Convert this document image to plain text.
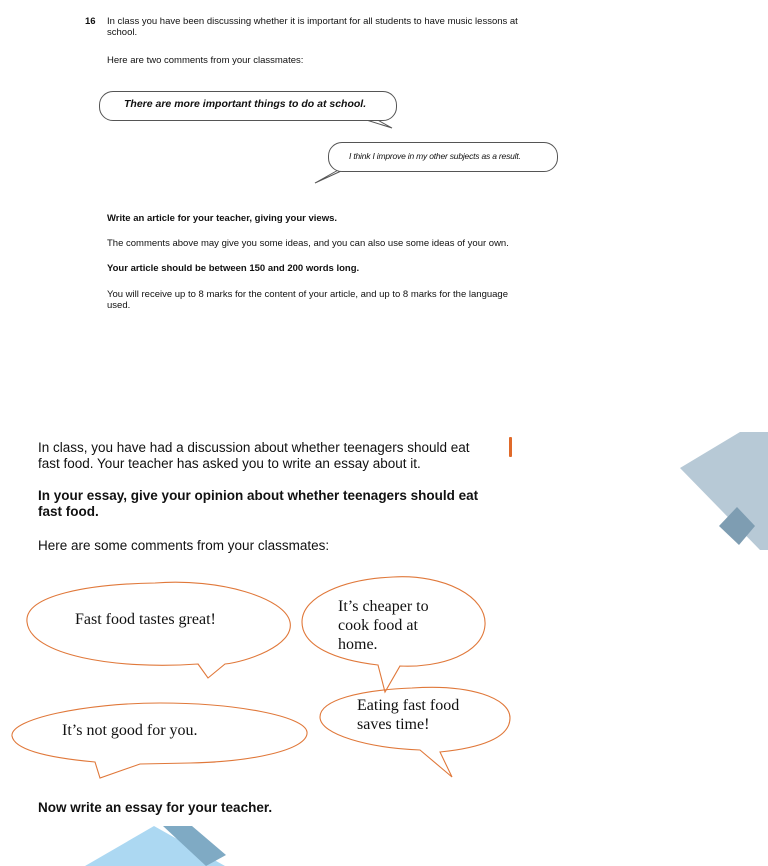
16 In class you have been discussing whether it is important for all students to have music lessons at
school.
Here are two comments from your classmates:
There are more important things to do at school.
I think I improve in my other subjects as a result.
Write an article for your teacher, giving your views.
The comments above may give you some ideas, and you can also use some ideas of your own.
Your article should be between 150 and 200 words long.
You will receive up to 8 marks for the content of your article, and up to 8 marks for the language
used.
In class, you have had a discussion about whether teenagers should eat
fast food. Your teacher has asked you to write an essay about it.
In your essay, give your opinion about whether teenagers should eat
fast food.
Here are some comments from your classmates:
Fast food tastes great!
It’s cheaper to
cook food at
home.
It’s not good for you.
Eating fast food
saves time!
Now write an essay for your teacher.
